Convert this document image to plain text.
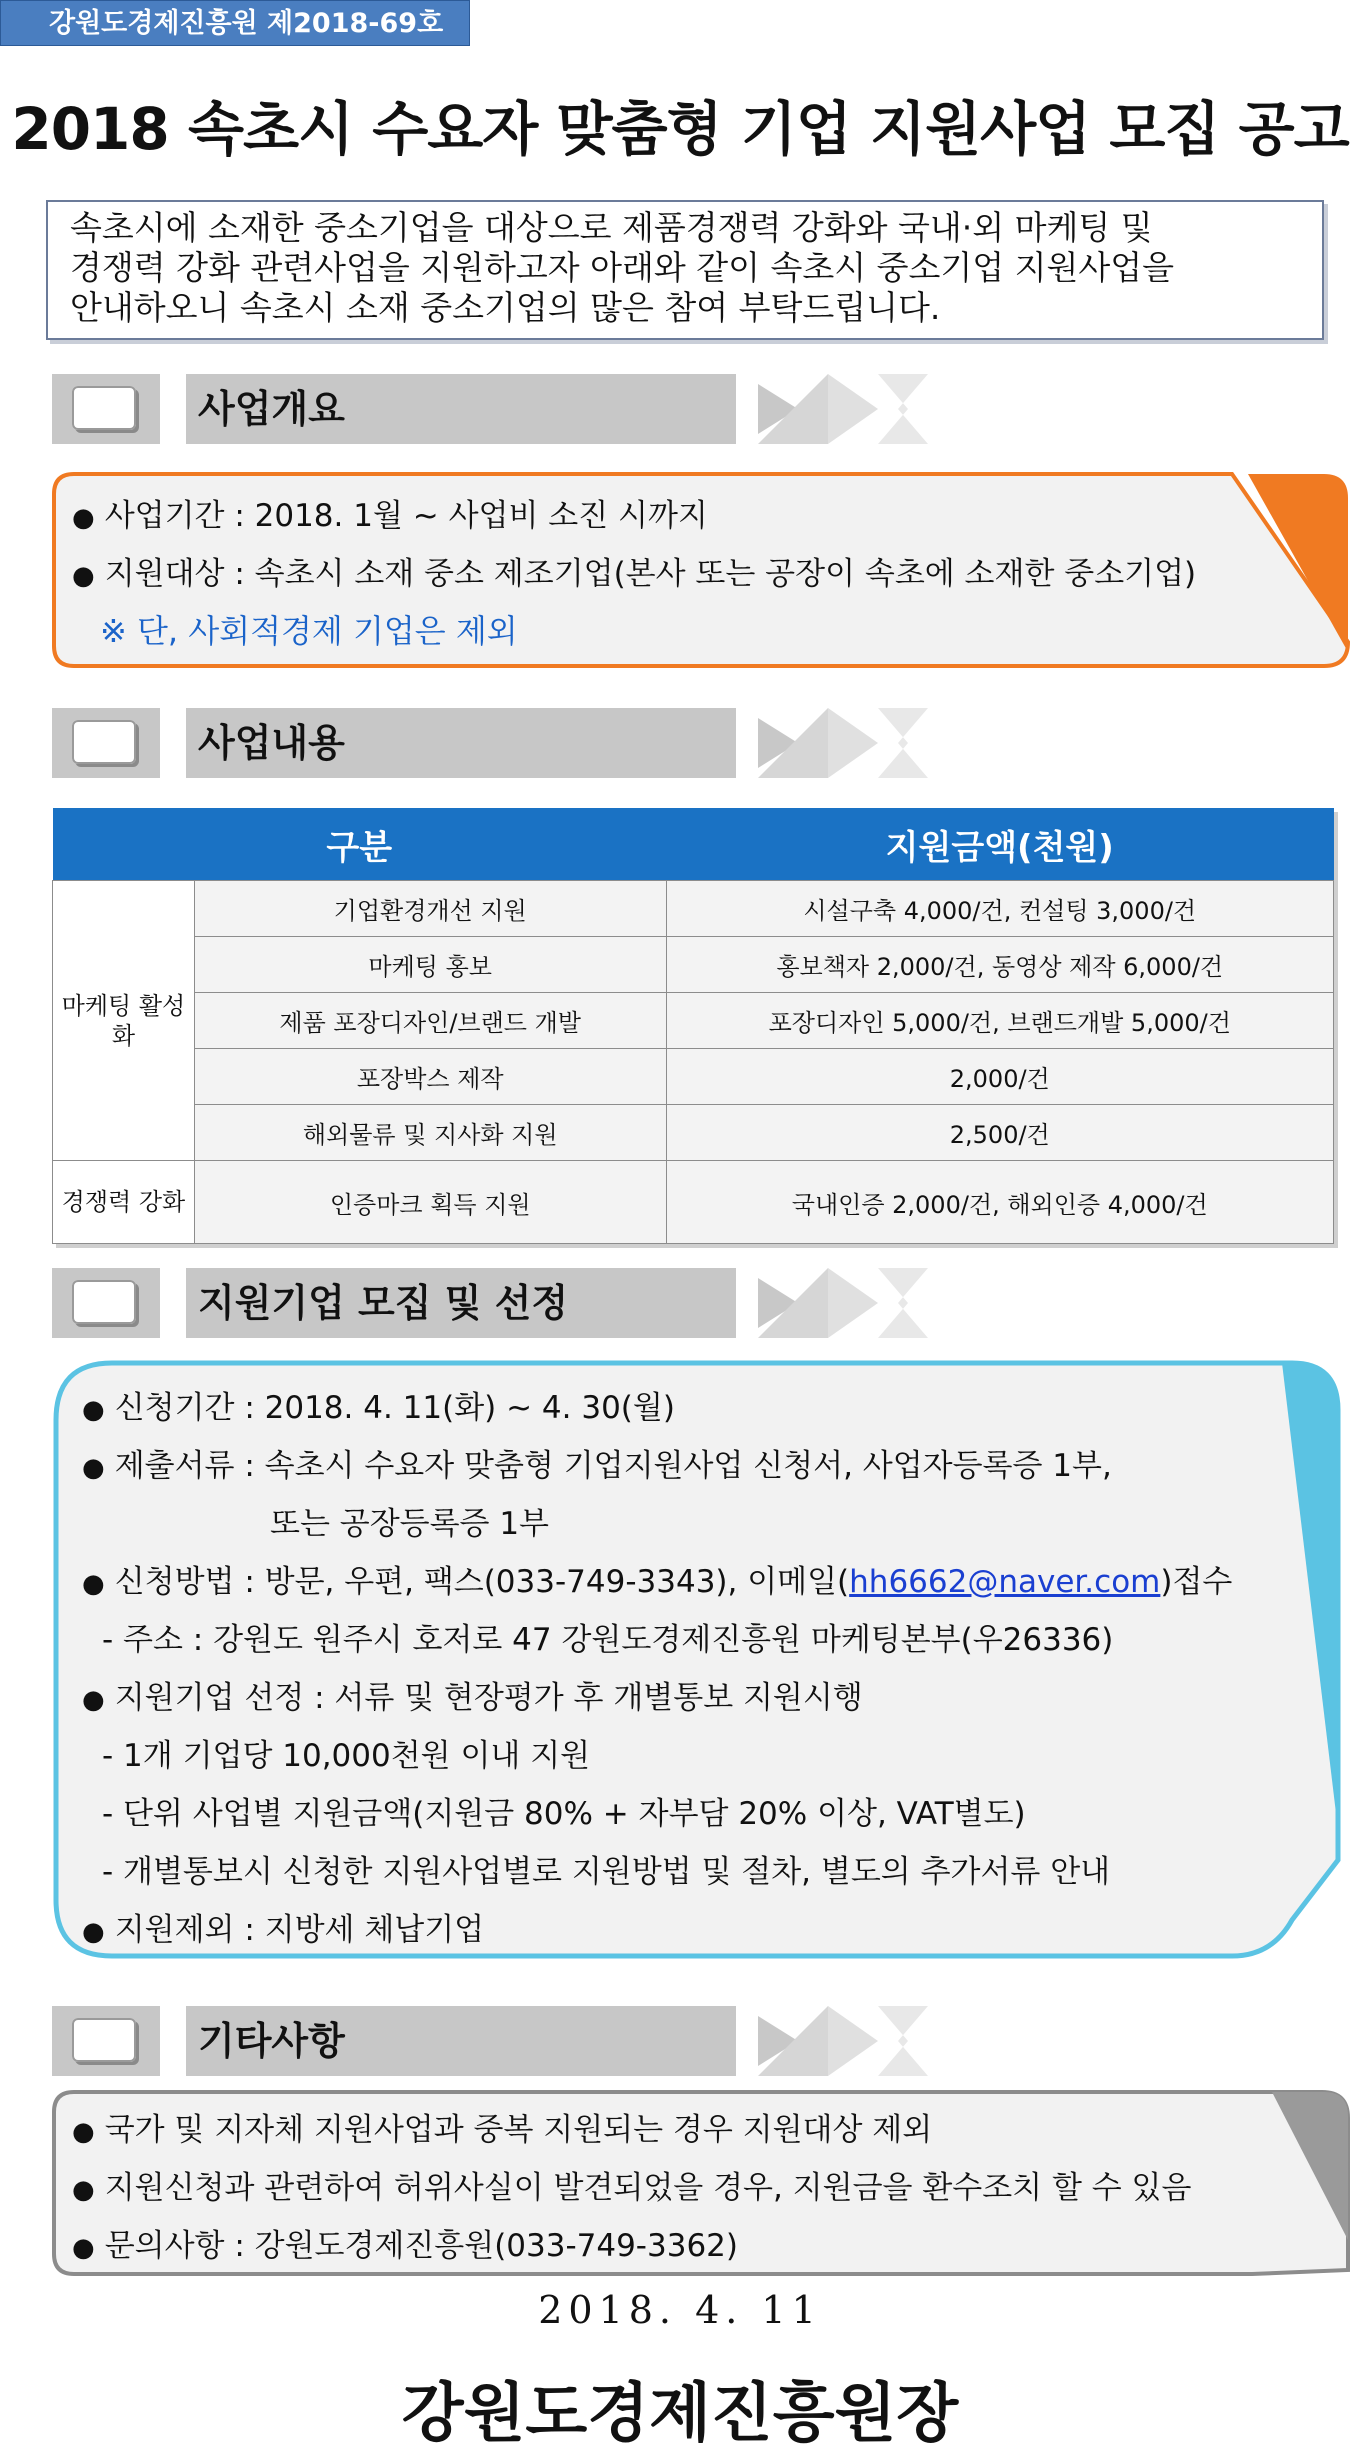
강원도경제진흥원 제2018-69호
2018 속초시 수요자 맞춤형 기업 지원사업 모집 공고
속초시에 소재한 중소기업을 대상으로 제품경쟁력 강화와 국내·외 마케팅 및
경쟁력 강화 관련사업을 지원하고자 아래와 같이 속초시 중소기업 지원사업을
안내하오니 속초시 소재 중소기업의 많은 참여 부탁드립니다.
사업개요
● 사업기간 : 2018. 1월 ~ 사업비 소진 시까지
● 지원대상 : 속초시 소재 중소 제조기업(본사 또는 공장이 속초에 소재한 중소기업)
※ 단, 사회적경제 기업은 제외
사업내용
구분		지원금액(천원)
마케팅 활성화	기업환경개선 지원	시설구축 4,000/건, 컨설팅 3,000/건
	마케팅 홍보	홍보책자 2,000/건, 동영상 제작 6,000/건
	제품 포장디자인/브랜드 개발	포장디자인 5,000/건, 브랜드개발 5,000/건
	포장박스 제작	2,000/건
	해외물류 및 지사화 지원	2,500/건
경쟁력 강화	인증마크 획득 지원	국내인증 2,000/건, 해외인증 4,000/건
지원기업 모집 및 선정
● 신청기간 : 2018. 4. 11(화) ~ 4. 30(월)
● 제출서류 : 속초시 수요자 맞춤형 기업지원사업 신청서, 사업자등록증 1부,
또는 공장등록증 1부
● 신청방법 : 방문, 우편, 팩스(033-749-3343), 이메일(hh6662@naver.com)접수
- 주소 : 강원도 원주시 호저로 47 강원도경제진흥원 마케팅본부(우26336)
● 지원기업 선정 : 서류 및 현장평가 후 개별통보 지원시행
- 1개 기업당 10,000천원 이내 지원
- 단위 사업별 지원금액(지원금 80% + 자부담 20% 이상, VAT별도)
- 개별통보시 신청한 지원사업별로 지원방법 및 절차, 별도의 추가서류 안내
● 지원제외 : 지방세 체납기업
기타사항
● 국가 및 지자체 지원사업과 중복 지원되는 경우 지원대상 제외
● 지원신청과 관련하여 허위사실이 발견되었을 경우, 지원금을 환수조치 할 수 있음
● 문의사항 : 강원도경제진흥원(033-749-3362)
2018. 4. 11
강원도경제진흥원장
